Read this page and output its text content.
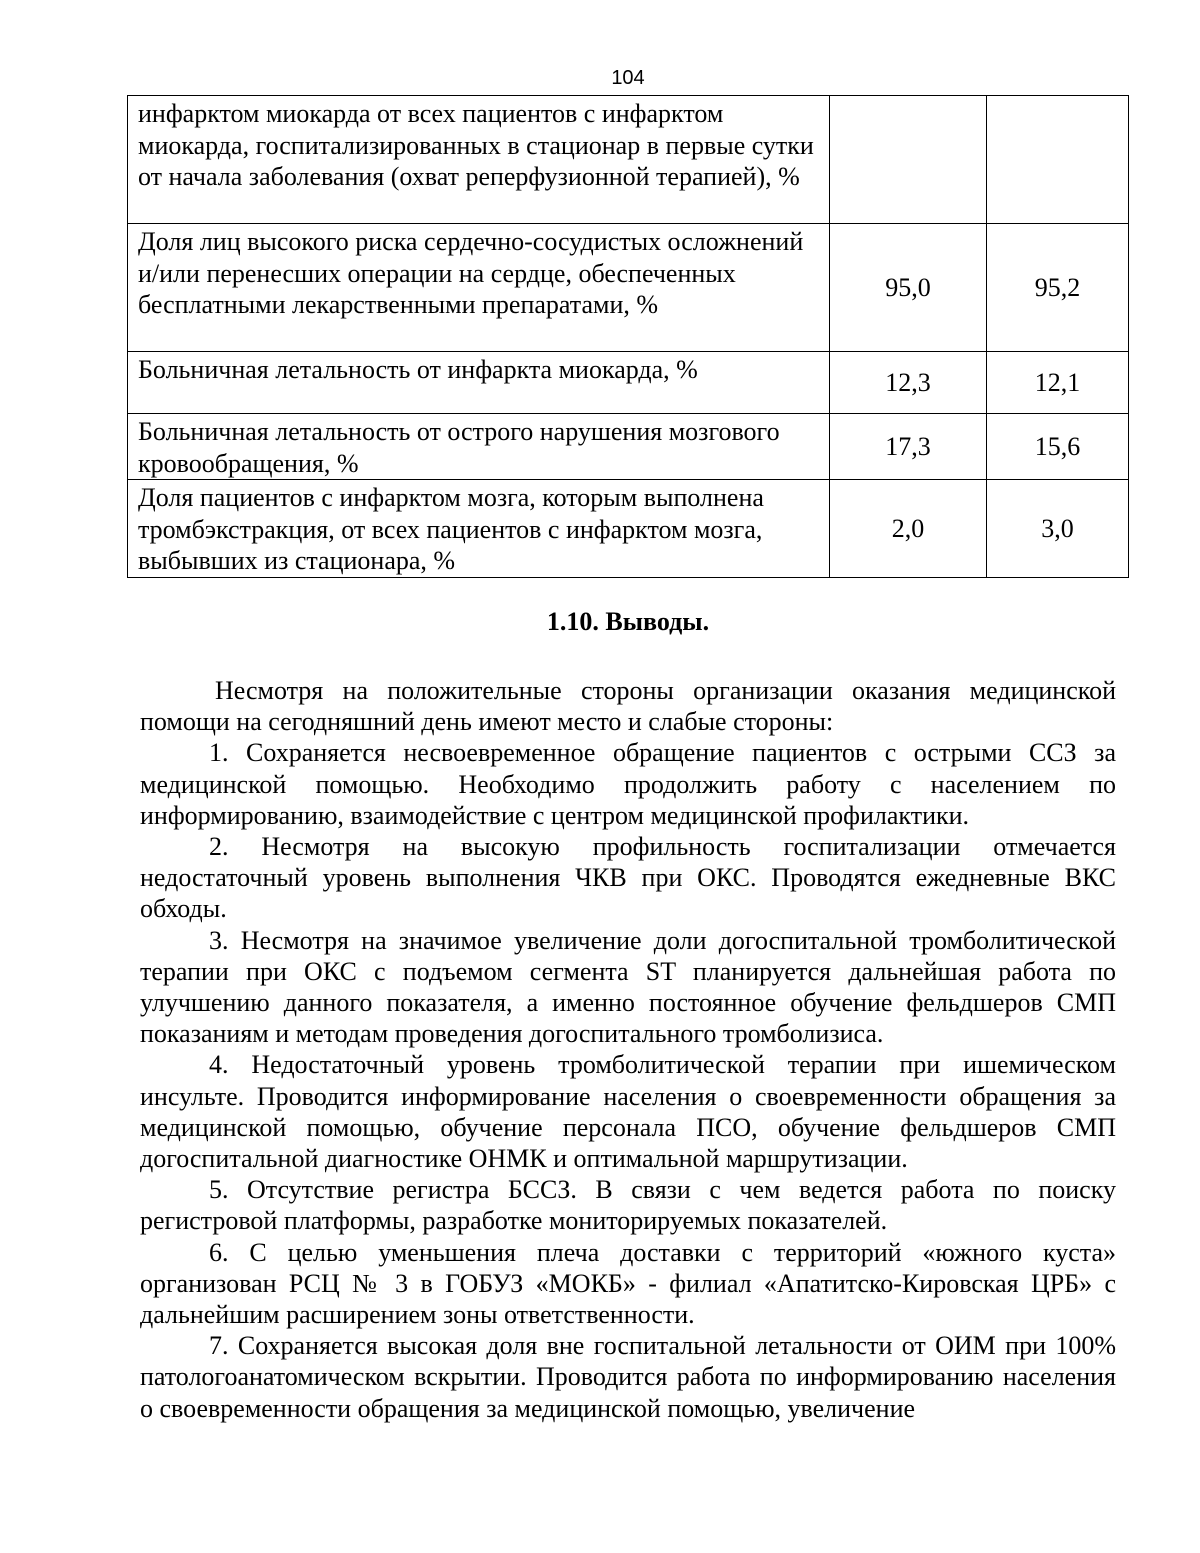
104
инфарктом миокарда от всех пациентов с инфарктом миокарда, госпитализированных в стационар в первые сутки от начала заболевания (охват реперфузионной терапией), %		
Доля лиц высокого риска сердечно-сосудистых осложнений и/или перенесших операции на сердце, обеспеченных бесплатными лекарственными препаратами, %	95,0	95,2
Больничная летальность от инфаркта миокарда, %	12,3	12,1
Больничная летальность от острого нарушения мозгового кровообращения, %	17,3	15,6
Доля пациентов с инфарктом мозга, которым выполнена тромбэкстракция, от всех пациентов с инфарктом мозга, выбывших из стационара, %	2,0	3,0
1.10. Выводы.

Несмотря на положительные стороны организации оказания медицинской помощи на сегодняшний день имеют место и слабые стороны:

1. Сохраняется несвоевременное обращение пациентов с острыми ССЗ за медицинской помощью. Необходимо продолжить работу с населением по информированию, взаимодействие с центром медицинской профилактики.

2. Несмотря на высокую профильность госпитализации отмечается недостаточный уровень выполнения ЧКВ при ОКС. Проводятся ежедневные ВКС обходы.

3. Несмотря на значимое увеличение доли догоспитальной тромболитической терапии при ОКС с подъемом сегмента ST планируется дальнейшая работа по улучшению данного показателя, а именно постоянное обучение фельдшеров СМП показаниям и методам проведения догоспитального тромболизиса.

4. Недостаточный уровень тромболитической терапии при ишемическом инсульте. Проводится информирование населения о своевременности обращения за медицинской помощью, обучение персонала ПСО, обучение фельдшеров СМП догоспитальной диагностике ОНМК и оптимальной маршрутизации.

5. Отсутствие регистра БССЗ. В связи с чем ведется работа по поиску регистровой платформы, разработке мониторируемых показателей.

6. С целью уменьшения плеча доставки с территорий «южного куста» организован РСЦ № 3 в ГОБУЗ «МОКБ» - филиал «Апатитско-Кировская ЦРБ» с дальнейшим расширением зоны ответственности.

7. Сохраняется высокая доля вне госпитальной летальности от ОИМ при 100% патологоанатомическом вскрытии. Проводится работа по информированию населения о своевременности обращения за медицинской помощью, увеличение
